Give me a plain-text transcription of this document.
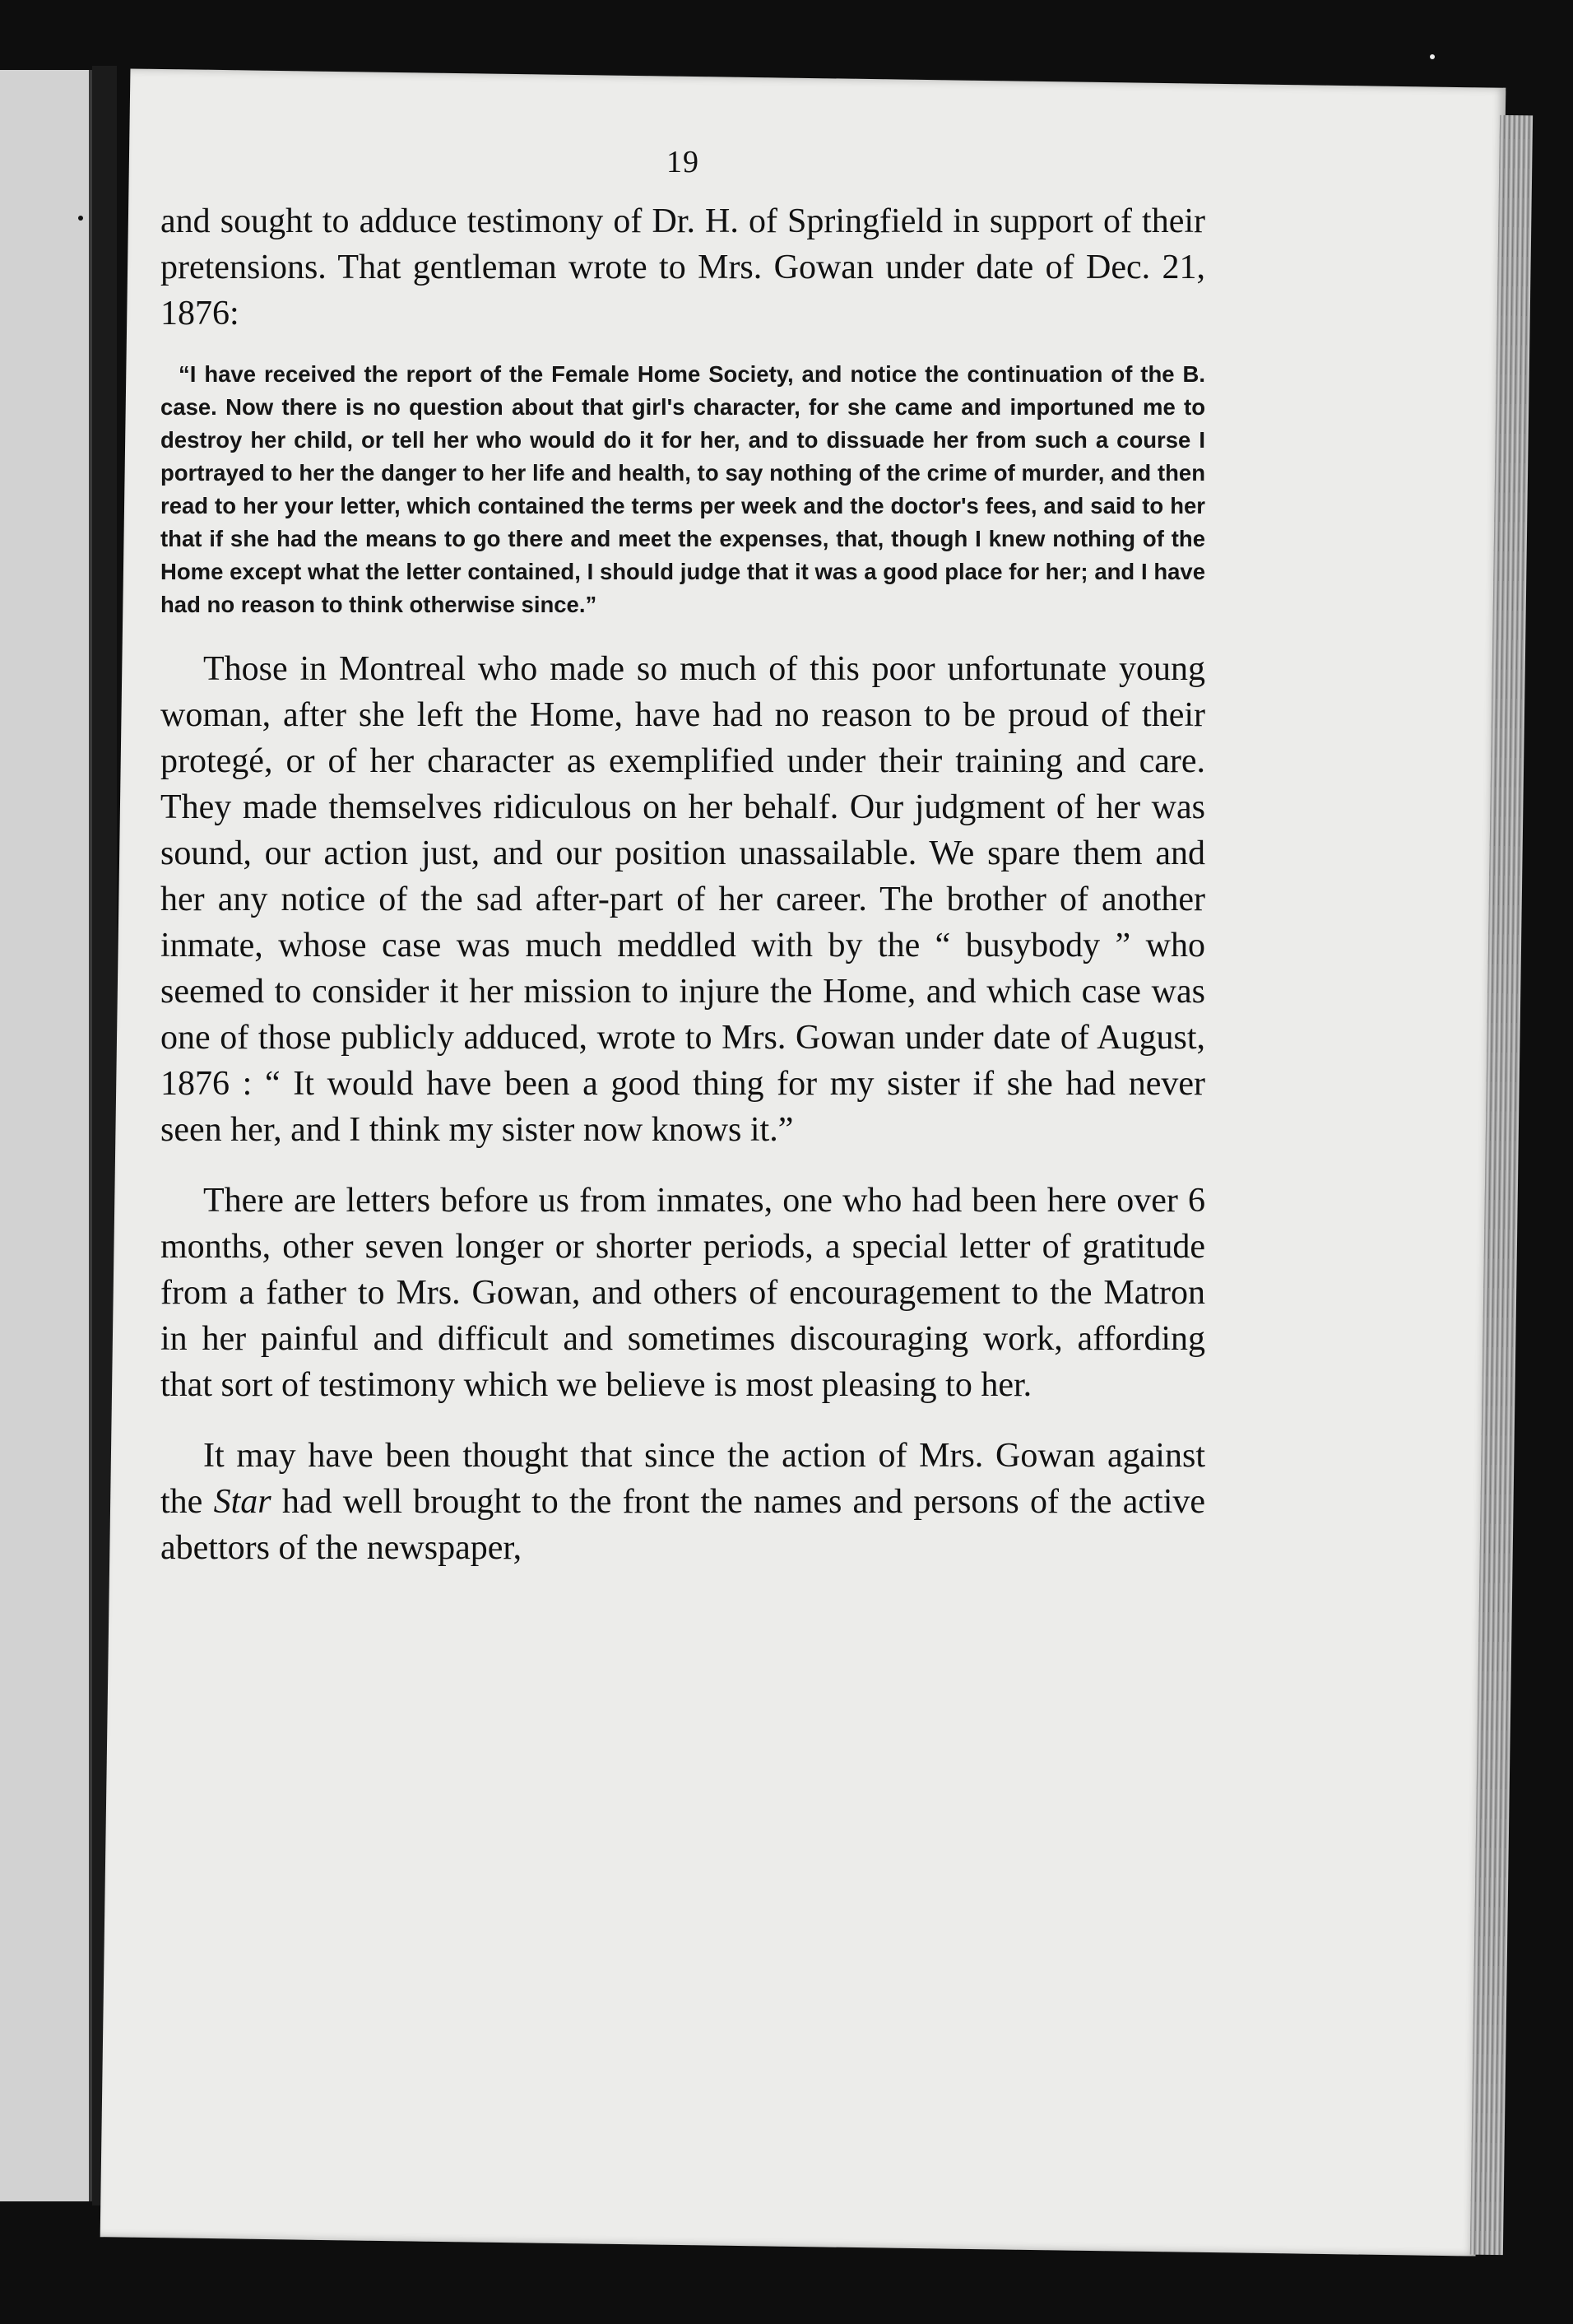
19

and sought to adduce testimony of Dr. H. of Springfield in support of their pretensions. That gentleman wrote to Mrs. Gowan under date of Dec. 21, 1876:

“I have received the report of the Female Home Society, and notice the continuation of the B. case. Now there is no question about that girl's character, for she came and importuned me to destroy her child, or tell her who would do it for her, and to dissuade her from such a course I portrayed to her the danger to her life and health, to say nothing of the crime of murder, and then read to her your letter, which contained the terms per week and the doctor's fees, and said to her that if she had the means to go there and meet the expenses, that, though I knew nothing of the Home except what the letter contained, I should judge that it was a good place for her; and I have had no reason to think otherwise since.”

Those in Montreal who made so much of this poor unfortunate young woman, after she left the Home, have had no reason to be proud of their protegé, or of her character as exemplified under their training and care. They made themselves ridiculous on her behalf. Our judgment of her was sound, our action just, and our position unassailable. We spare them and her any notice of the sad after-part of her career. The brother of another inmate, whose case was much meddled with by the “ busybody ” who seemed to consider it her mission to injure the Home, and which case was one of those publicly adduced, wrote to Mrs. Gowan under date of August, 1876 : “ It would have been a good thing for my sister if she had never seen her, and I think my sister now knows it.”

There are letters before us from inmates, one who had been here over 6 months, other seven longer or shorter periods, a special letter of gratitude from a father to Mrs. Gowan, and others of encouragement to the Matron in her painful and difficult and sometimes discouraging work, affording that sort of testimony which we believe is most pleasing to her.

It may have been thought that since the action of Mrs. Gowan against the Star had well brought to the front the names and persons of the active abettors of the newspaper,
